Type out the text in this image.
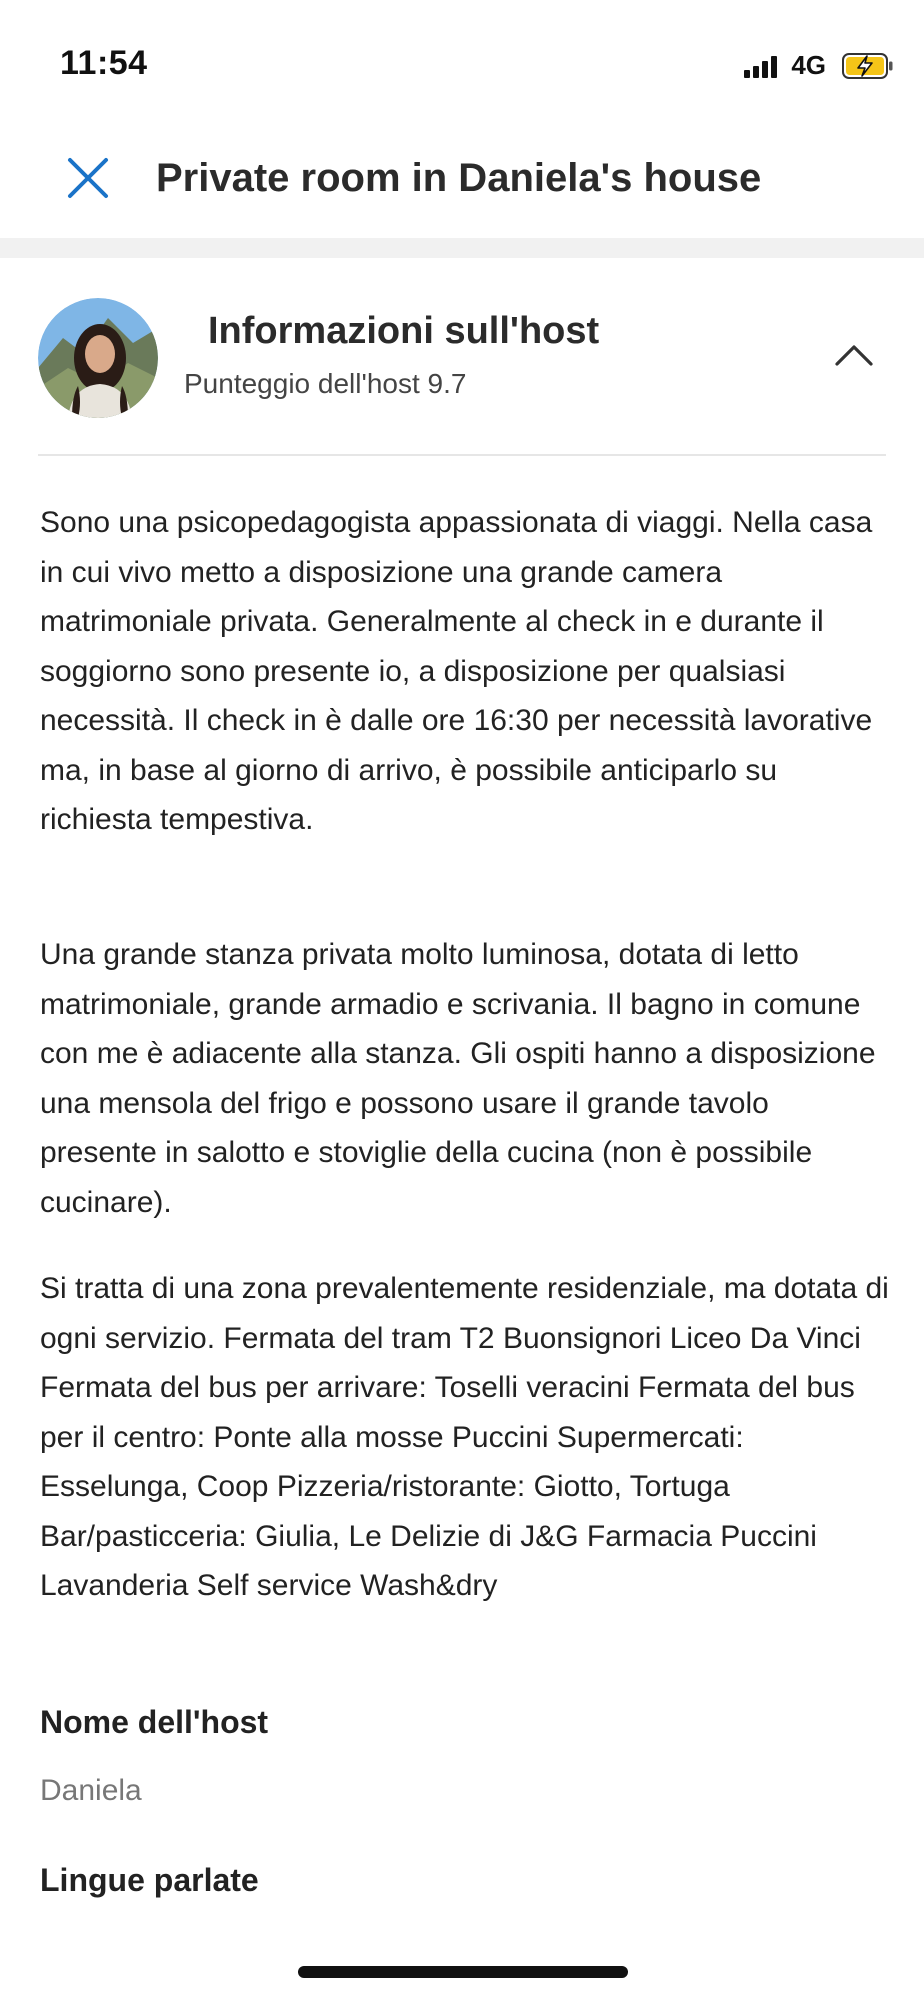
11:54	4G
Private room in Daniela's house
Informazioni sull'host
Punteggio dell'host 9.7

Sono una psicopedagogista appassionata di viaggi. Nella casa in cui vivo metto a disposizione una grande camera matrimoniale privata. Generalmente al check in e durante il soggiorno sono presente io, a disposizione per qualsiasi necessità. Il check in è dalle ore 16:30 per necessità lavorative ma, in base al giorno di arrivo, è possibile anticiparlo su richiesta tempestiva.

Una grande stanza privata molto luminosa, dotata di letto matrimoniale, grande armadio e scrivania. Il bagno in comune con me è adiacente alla stanza. Gli ospiti hanno a disposizione una mensola del frigo e possono usare il grande tavolo presente in salotto e stoviglie della cucina (non è possibile cucinare).

Si tratta di una zona prevalentemente residenziale, ma dotata di ogni servizio. Fermata del tram T2 Buonsignori Liceo Da Vinci Fermata del bus per arrivare: Toselli veracini Fermata del bus per il centro: Ponte alla mosse Puccini Supermercati: Esselunga, Coop Pizzeria/ristorante: Giotto, Tortuga Bar/pasticceria: Giulia, Le Delizie di J&G Farmacia Puccini Lavanderia Self service Wash&dry

Nome dell'host
Daniela
Lingue parlate
